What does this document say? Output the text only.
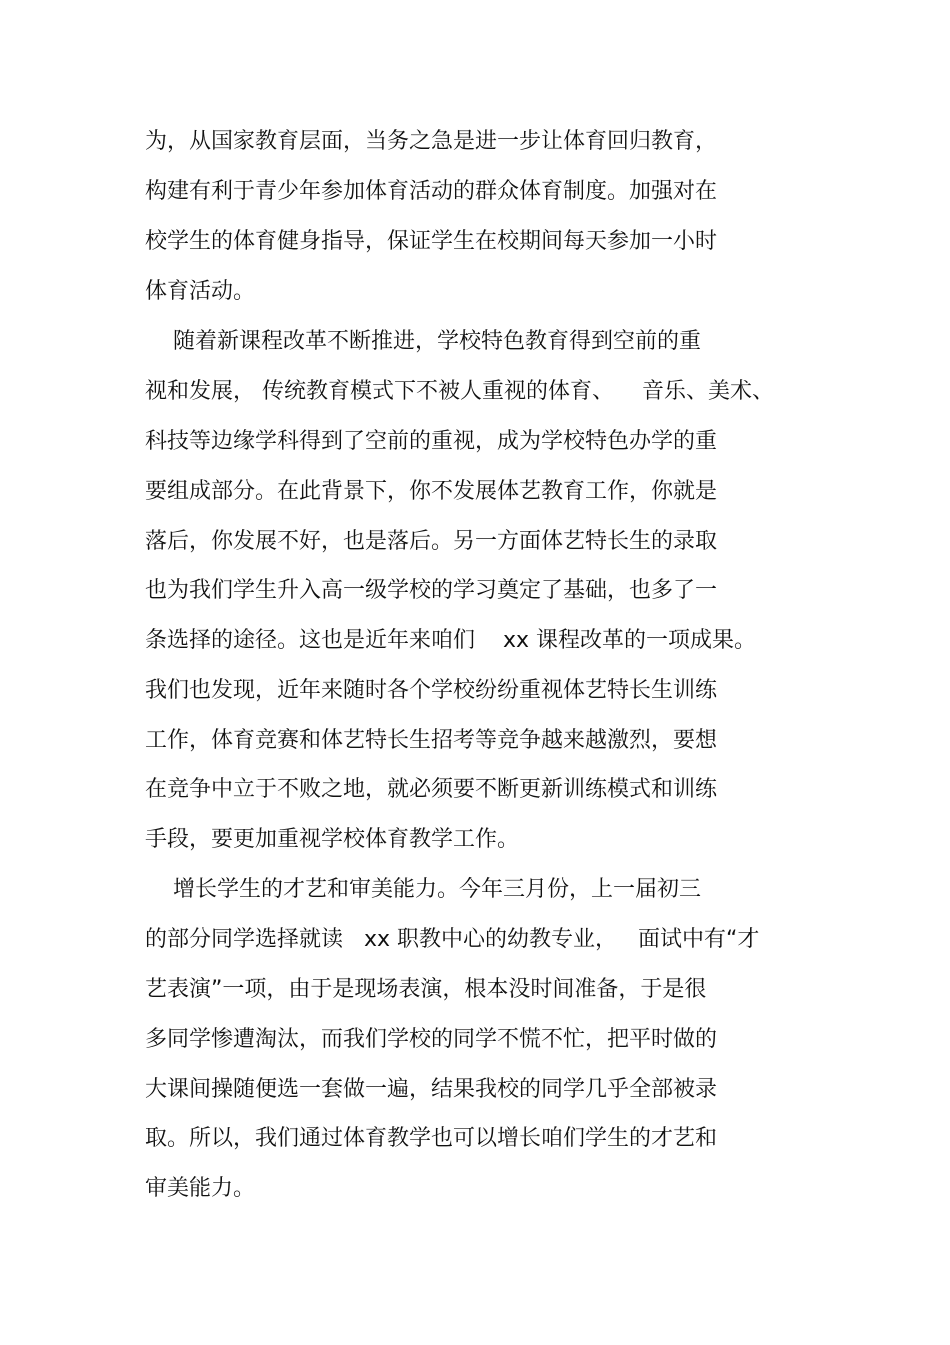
为，从国家教育层面，当务之急是进一步让体育回归教育，
构建有利于青少年参加体育活动的群众体育制度。加强对在
校学生的体育健身指导，保证学生在校期间每天参加一小时
体育活动。
随着新课程改革不断推进，学校特色教育得到空前的重
视和发展， 传统教育模式下不被人重视的体育、    音乐、美术、
科技等边缘学科得到了空前的重视，成为学校特色办学的重
要组成部分。在此背景下，你不发展体艺教育工作，你就是
落后，你发展不好，也是落后。另一方面体艺特长生的录取
也为我们学生升入高一级学校的学习奠定了基础，也多了一
条选择的途径。这也是近年来咱们    xx 课程改革的一项成果。
我们也发现，近年来随时各个学校纷纷重视体艺特长生训练
工作，体育竞赛和体艺特长生招考等竞争越来越激烈，要想
在竞争中立于不败之地，就必须要不断更新训练模式和训练
手段，要更加重视学校体育教学工作。
增长学生的才艺和审美能力。今年三月份，上一届初三
的部分同学选择就读   xx 职教中心的幼教专业，   面试中有“才
艺表演”一项，由于是现场表演，根本没时间准备，于是很
多同学惨遭淘汰，而我们学校的同学不慌不忙，把平时做的
大课间操随便选一套做一遍，结果我校的同学几乎全部被录
取。所以，我们通过体育教学也可以增长咱们学生的才艺和
审美能力。
